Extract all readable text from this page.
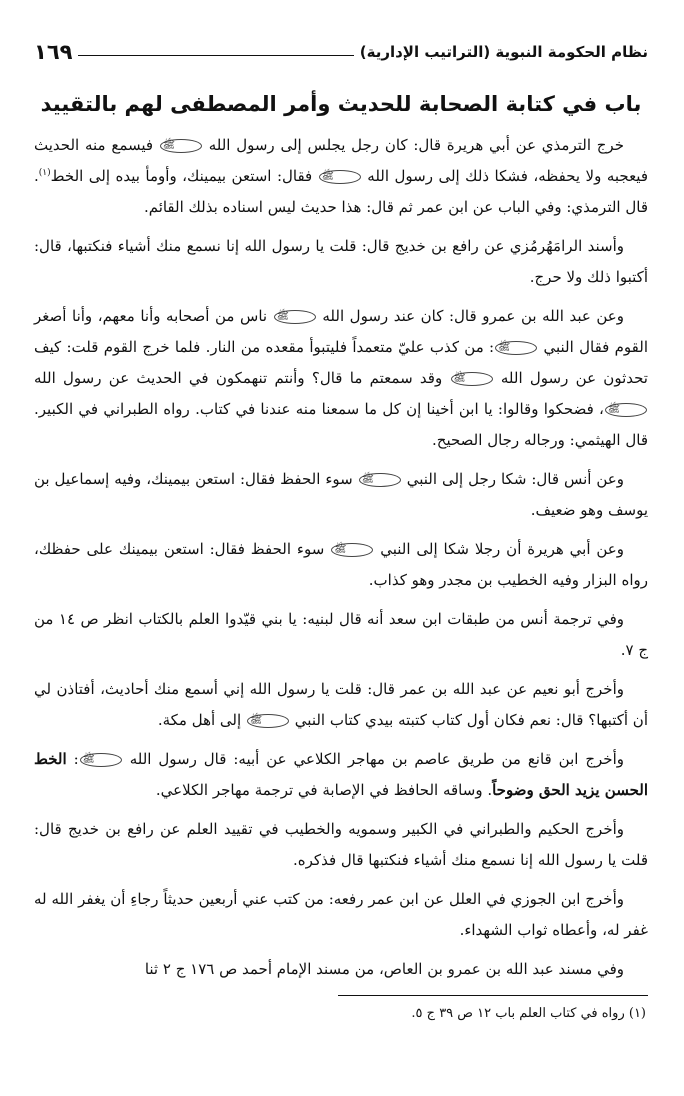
نظام الحكومة النبوية (التراتيب الإدارية)
١٦٩
باب في كتابة الصحابة للحديث وأمر المصطفى لهم بالتقييد

خرج الترمذي عن أبي هريرة قال: كان رجل يجلس إلى رسول الله ﷺ فيسمع منه الحديث فيعجبه ولا يحفظه، فشكا ذلك إلى رسول الله ﷺ فقال: استعن بيمينك، وأومأ بيده إلى الخط$^{(١)}$. قال الترمذي: وفي الباب عن ابن عمر ثم قال: هذا حديث ليس اسناده بذلك القائم.

وأسند الرامَهُرمُزي عن رافع بن خديج قال: قلت يا رسول الله إنا نسمع منك أشياء فنكتبها، قال: أكتبوا ذلك ولا حرج.

وعن عبد الله بن عمرو قال: كان عند رسول الله ﷺ ناس من أصحابه وأنا معهم، وأنا أصغر القوم فقال النبي ﷺ: من كذب عليّ متعمداً فليتبوأ مقعده من النار. فلما خرج القوم قلت: كيف تحدثون عن رسول الله ﷺ وقد سمعتم ما قال؟ وأنتم تنهمكون في الحديث عن رسول الله ﷺ، فضحكوا وقالوا: يا ابن أخينا إن كل ما سمعنا منه عندنا في كتاب. رواه الطبراني في الكبير. قال الهيثمي: ورجاله رجال الصحيح.

وعن أنس قال: شكا رجل إلى النبي ﷺ سوء الحفظ فقال: استعن بيمينك، وفيه إسماعيل بن يوسف وهو ضعيف.

وعن أبي هريرة أن رجلا شكا إلى النبي ﷺ سوء الحفظ فقال: استعن بيمينك على حفظك، رواه البزار وفيه الخطيب بن مجدر وهو كذاب.

وفي ترجمة أنس من طبقات ابن سعد أنه قال لبنيه: يا بني قيّدوا العلم بالكتاب انظر ص ١٤ من ج ٧.

وأخرج أبو نعيم عن عبد الله بن عمر قال: قلت يا رسول الله إني أسمع منك أحاديث، أفتاذن لي أن أكتبها؟ قال: نعم فكان أول كتاب كتبته بيدي كتاب النبي ﷺ إلى أهل مكة.

وأخرج ابن قانع من طريق عاصم بن مهاجر الكلاعي عن أبيه: قال رسول الله ﷺ: الخط الحسن يزيد الحق وضوحاً. وساقه الحافظ في الإصابة في ترجمة مهاجر الكلاعي.

وأخرج الحكيم والطبراني في الكبير وسمويه والخطيب في تقييد العلم عن رافع بن خديج قال: قلت يا رسول الله إنا نسمع منك أشياء فنكتبها قال فذكره.

وأخرج ابن الجوزي في العلل عن ابن عمر رفعه: من كتب عني أربعين حديثاً رجاءِ أن يغفر الله له غفر له، وأعطاه ثواب الشهداء.

وفي مسند عبد الله بن عمرو بن العاص، من مسند الإمام أحمد ص ١٧٦ ج ٢ ثنا

(١) رواه في كتاب العلم باب ١٢ ص ٣٩ ج ٥.
